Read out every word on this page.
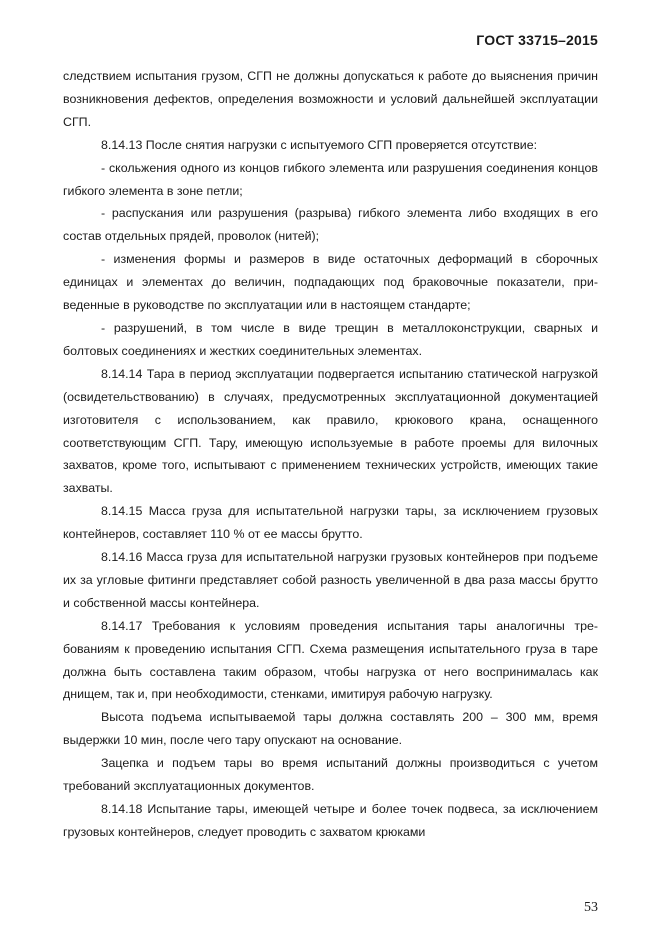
ГОСТ 33715–2015

следствием испытания грузом, СГП не должны допускаться к работе до выяснения причин возникновения дефектов, определения возможности и условий дальнейшей эксплуатации СГП.

8.14.13 После снятия нагрузки с испытуемого СГП проверяется отсутствие:

- скольжения одного из концов гибкого элемента или разрушения соединения концов гибкого элемента в зоне петли;

- распускания или разрушения (разрыва) гибкого элемента либо входящих в его состав отдельных прядей, проволок (нитей);

- изменения формы и размеров в виде остаточных деформаций в сборочных единицах и элементах до величин, подпадающих под браковочные показатели, приведенные в руководстве по эксплуатации или в настоящем стандарте;

- разрушений, в том числе в виде трещин в металлоконструкции, сварных и болтовых соединениях и жестких соединительных элементах.

8.14.14 Тара в период эксплуатации подвергается испытанию статической нагрузкой (освидетельствованию) в случаях, предусмотренных эксплуатационной документацией изготовителя с использованием, как правило, крюкового крана, оснащенного соответствующим СГП. Тару, имеющую используемые в работе проемы для вилочных захватов, кроме того, испытывают с применением технических устройств, имеющих такие захваты.

8.14.15 Масса груза для испытательной нагрузки тары, за исключением грузовых контейнеров, составляет 110 % от ее массы брутто.

8.14.16 Масса груза для испытательной нагрузки грузовых контейнеров при подъеме их за угловые фитинги представляет собой разность увеличенной в два раза массы брутто и собственной массы контейнера.

8.14.17 Требования к условиям проведения испытания тары аналогичны требованиям к проведению испытания СГП. Схема размещения испытательного груза в таре должна быть составлена таким образом, чтобы нагрузка от него воспринималась как днищем, так и, при необходимости, стенками, имитируя рабочую нагрузку.

Высота подъема испытываемой тары должна составлять 200 – 300 мм, время выдержки 10 мин, после чего тару опускают на основание.

Зацепка и подъем тары во время испытаний должны производиться с учетом требований эксплуатационных документов.

8.14.18 Испытание тары, имеющей четыре и более точек подвеса, за исключением грузовых контейнеров, следует проводить с захватом крюками

53
